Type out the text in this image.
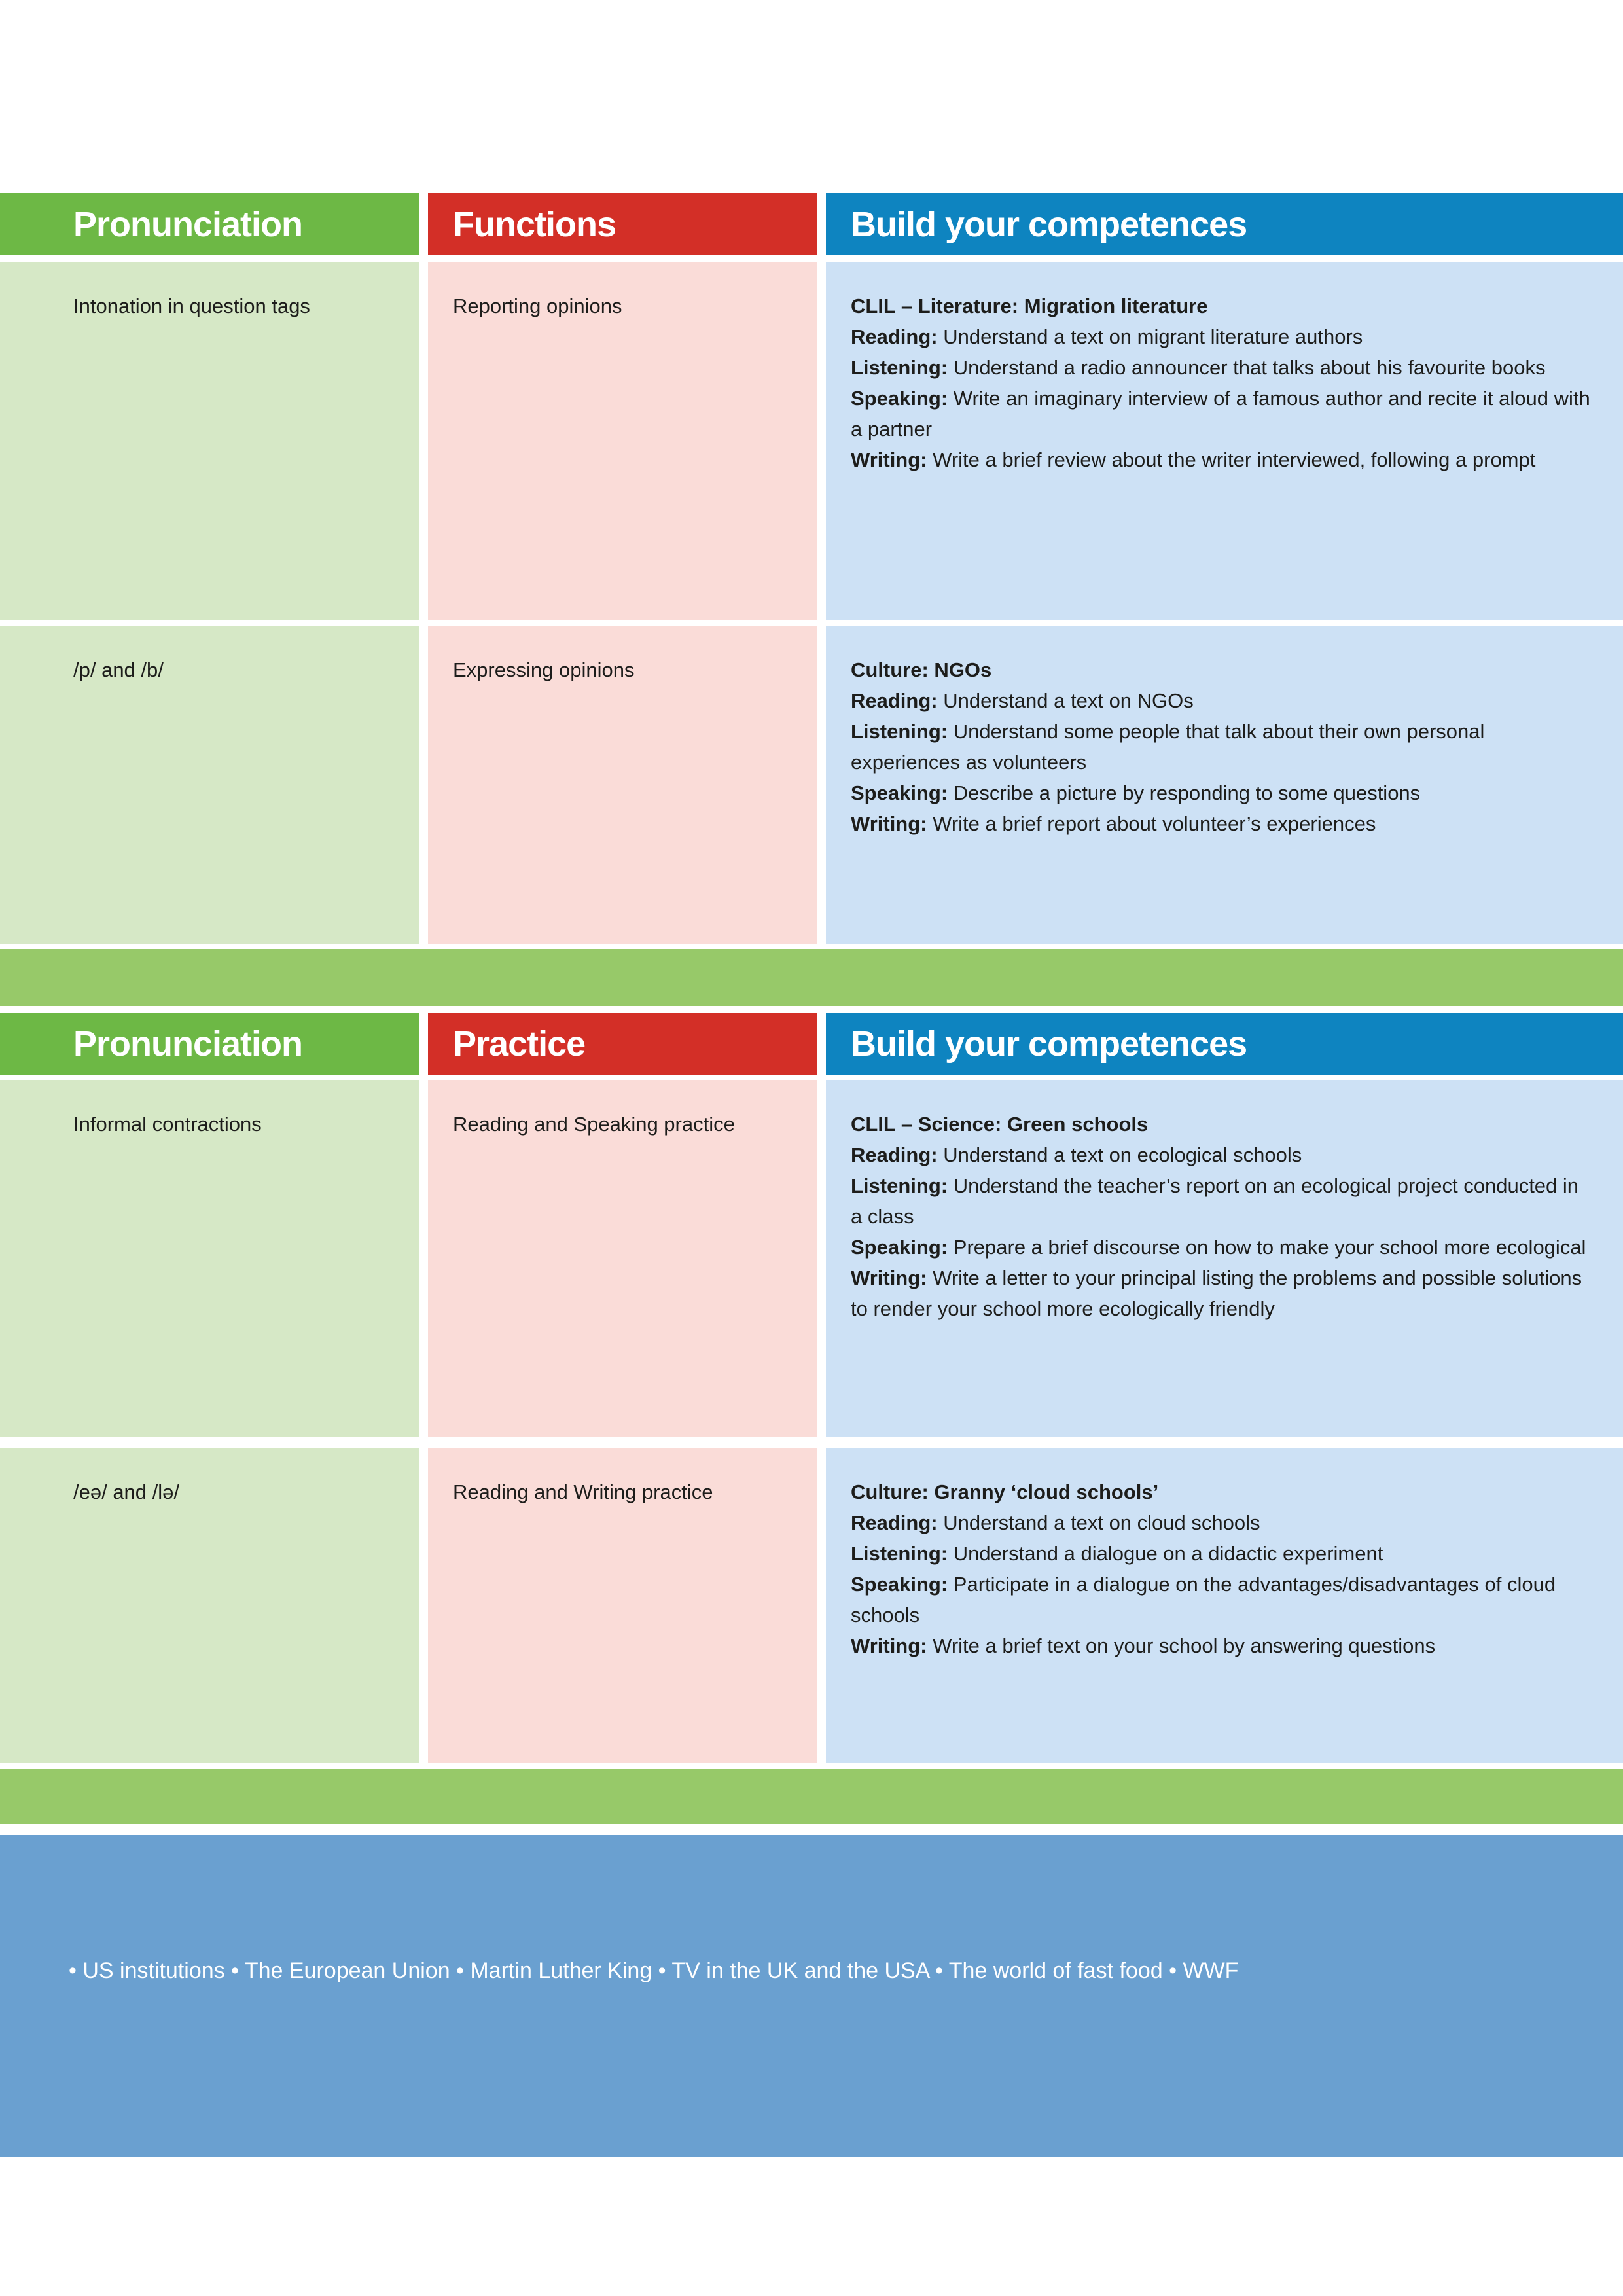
Pronunciation	Functions	Build your competences
Intonation in question tags	Reporting opinions	CLIL – Literature: Migration literature

Reading: Understand a text on migrant literature authors

Listening: Understand a radio announcer that talks about his favourite books

Speaking: Write an imaginary interview of a famous author and recite it aloud with a partner

Writing: Write a brief review about the writer interviewed, following a prompt

/p/ and /b/	Expressing opinions	Culture: NGOs

Reading: Understand a text on NGOs

Listening: Understand some people that talk about their own personal experiences as volunteers

Speaking: Describe a picture by responding to some questions

Writing: Write a brief report about volunteer’s experiences

Pronunciation	Practice	Build your competences
Informal contractions	Reading and Speaking practice	CLIL – Science: Green schools

Reading: Understand a text on ecological schools

Listening: Understand the teacher’s report on an ecological project conducted in a class

Speaking: Prepare a brief discourse on how to make your school more ecological

Writing: Write a letter to your principal listing the problems and possible solutions to render your school more ecologically friendly

/eə/ and /lə/	Reading and Writing practice	Culture: Granny ‘cloud schools’

Reading: Understand a text on cloud schools

Listening: Understand a dialogue on a didactic experiment

Speaking: Participate in a dialogue on the advantages/disadvantages of cloud schools

Writing: Write a brief text on your school by answering questions

• US institutions • The European Union • Martin Luther King • TV in the UK and the USA • The world of fast food • WWF
